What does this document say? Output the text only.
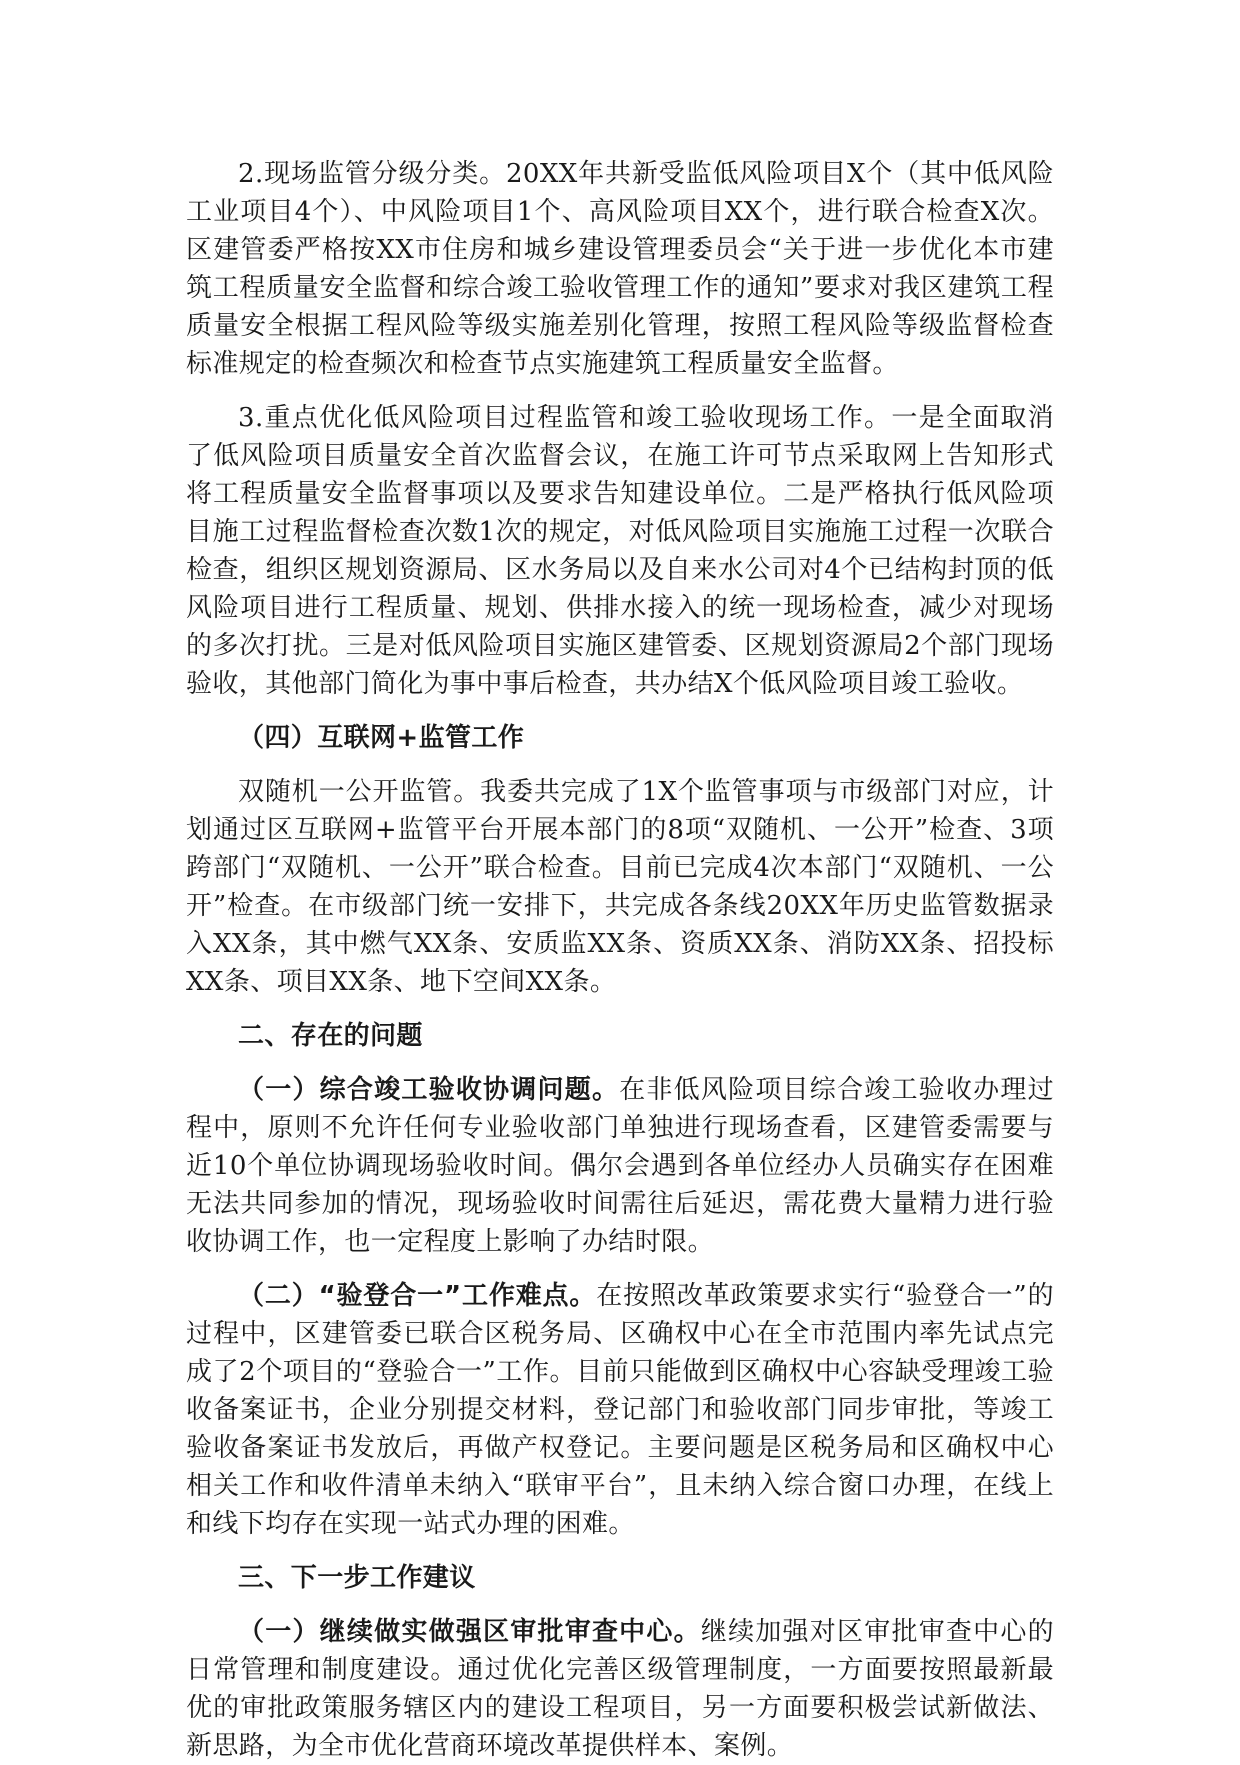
2.现场监管分级分类。20XX年共新受监低风险项目X个（其中低风险工业项目4个）、中风险项目1个、高风险项目XX个，进行联合检查X次。区建管委严格按XX市住房和城乡建设管理委员会“关于进一步优化本市建筑工程质量安全监督和综合竣工验收管理工作的通知”要求对我区建筑工程质量安全根据工程风险等级实施差别化管理，按照工程风险等级监督检查标准规定的检查频次和检查节点实施建筑工程质量安全监督。

3.重点优化低风险项目过程监管和竣工验收现场工作。一是全面取消了低风险项目质量安全首次监督会议，在施工许可节点采取网上告知形式将工程质量安全监督事项以及要求告知建设单位。二是严格执行低风险项目施工过程监督检查次数1次的规定，对低风险项目实施施工过程一次联合检查，组织区规划资源局、区水务局以及自来水公司对4个已结构封顶的低风险项目进行工程质量、规划、供排水接入的统一现场检查，减少对现场的多次打扰。三是对低风险项目实施区建管委、区规划资源局2个部门现场验收，其他部门简化为事中事后检查，共办结X个低风险项目竣工验收。

（四）互联网+监管工作

双随机一公开监管。我委共完成了1X个监管事项与市级部门对应，计划通过区互联网+监管平台开展本部门的8项“双随机、一公开”检查、3项跨部门“双随机、一公开”联合检查。目前已完成4次本部门“双随机、一公开”检查。在市级部门统一安排下，共完成各条线20XX年历史监管数据录入XX条，其中燃气XX条、安质监XX条、资质XX条、消防XX条、招投标XX条、项目XX条、地下空间XX条。

二、存在的问题

（一）综合竣工验收协调问题。在非低风险项目综合竣工验收办理过程中，原则不允许任何专业验收部门单独进行现场查看，区建管委需要与近10个单位协调现场验收时间。偶尔会遇到各单位经办人员确实存在困难无法共同参加的情况，现场验收时间需往后延迟，需花费大量精力进行验收协调工作，也一定程度上影响了办结时限。

（二）“验登合一”工作难点。在按照改革政策要求实行“验登合一”的过程中，区建管委已联合区税务局、区确权中心在全市范围内率先试点完成了2个项目的“登验合一”工作。目前只能做到区确权中心容缺受理竣工验收备案证书，企业分别提交材料，登记部门和验收部门同步审批，等竣工验收备案证书发放后，再做产权登记。主要问题是区税务局和区确权中心相关工作和收件清单未纳入“联审平台”，且未纳入综合窗口办理，在线上和线下均存在实现一站式办理的困难。

三、下一步工作建议

（一）继续做实做强区审批审查中心。继续加强对区审批审查中心的日常管理和制度建设。通过优化完善区级管理制度，一方面要按照最新最优的审批政策服务辖区内的建设工程项目，另一方面要积极尝试新做法、新思路，为全市优化营商环境改革提供样本、案例。
